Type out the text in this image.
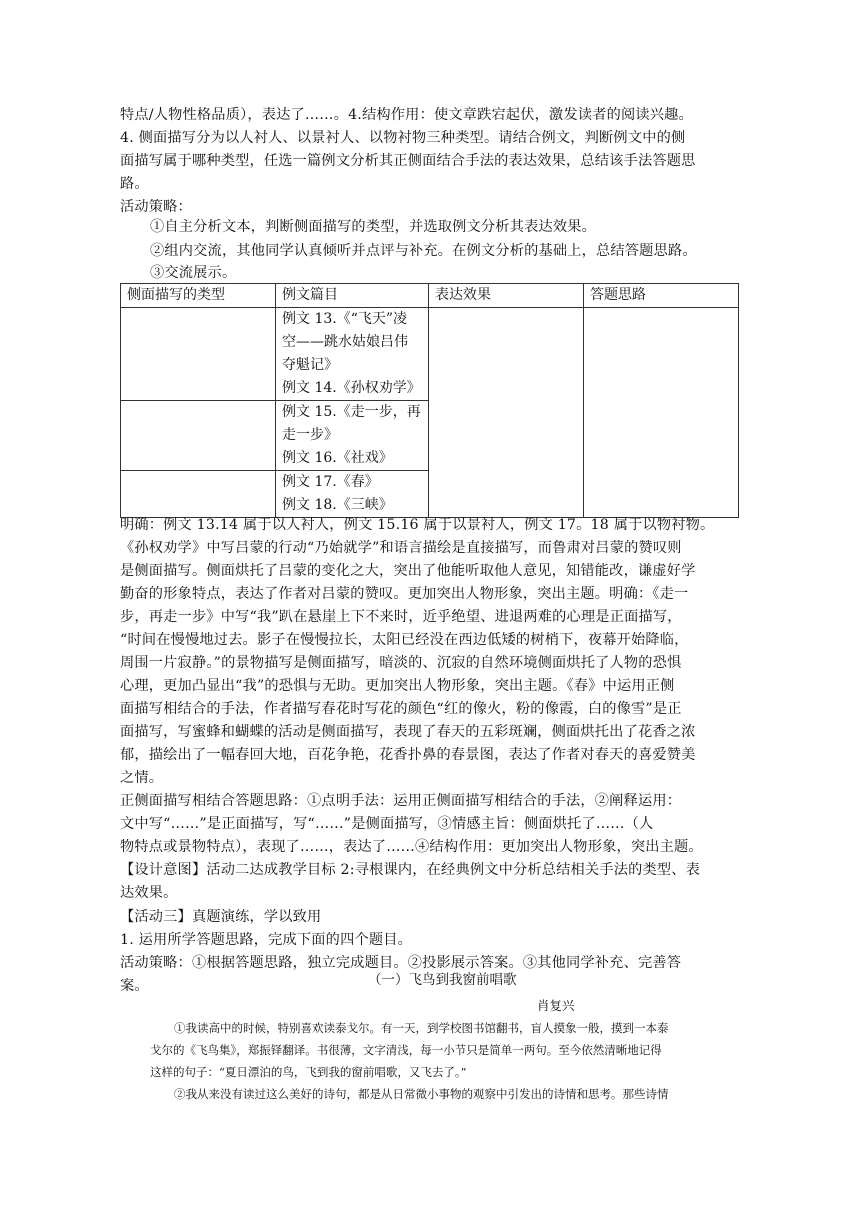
特点/人物性格品质），表达了……。4.结构作用：使文章跌宕起伏，激发读者的阅读兴趣。
4. 侧面描写分为以人衬人、以景衬人、以物衬物三种类型。请结合例文，判断例文中的侧
面描写属于哪种类型，任选一篇例文分析其正侧面结合手法的表达效果，总结该手法答题思
路。
活动策略：
①自主分析文本，判断侧面描写的类型，并选取例文分析其表达效果。
②组内交流，其他同学认真倾听并点评与补充。在例文分析的基础上，总结答题思路。
③交流展示。
侧面描写的类型	例文篇目	表达效果	答题思路

	例文 13.《“飞天”凌
空——跳水姑娘吕伟
夺魁记》
例文 14.《孙权劝学》		

	例文 15.《走一步，再
走一步》
例文 16.《社戏》		

	例文 17.《春》
例文 18.《三峡》		
明确：例文 13.14 属于以人衬人，例文 15.16 属于以景衬人，例文 17。18 属于以物衬物。
《孙权劝学》中写吕蒙的行动“乃始就学”和语言描绘是直接描写，而鲁肃对吕蒙的赞叹则
是侧面描写。侧面烘托了吕蒙的变化之大，突出了他能听取他人意见，知错能改，谦虚好学
勤奋的形象特点，表达了作者对吕蒙的赞叹。更加突出人物形象，突出主题。明确：《走一
步，再走一步》中写“我”趴在悬崖上下不来时，近乎绝望、进退两难的心理是正面描写，
“时间在慢慢地过去。影子在慢慢拉长，太阳已经没在西边低矮的树梢下，夜幕开始降临，
周围一片寂静。”的景物描写是侧面描写，暗淡的、沉寂的自然环境侧面烘托了人物的恐惧
心理，更加凸显出“我”的恐惧与无助。更加突出人物形象，突出主题。《春》中运用正侧
面描写相结合的手法，作者描写春花时写花的颜色“红的像火，粉的像霞，白的像雪”是正
面描写，写蜜蜂和蝴蝶的活动是侧面描写，表现了春天的五彩斑斓，侧面烘托出了花香之浓
郁，描绘出了一幅春回大地，百花争艳，花香扑鼻的春景图，表达了作者对春天的喜爱赞美
之情。
正侧面描写相结合答题思路：①点明手法：运用正侧面描写相结合的手法，②阐释运用：
文中写“……”是正面描写，写“……”是侧面描写，③情感主旨：侧面烘托了……（人
物特点或景物特点），表现了……，表达了……④结构作用：更加突出人物形象，突出主题。
【设计意图】活动二达成教学目标 2:寻根课内，在经典例文中分析总结相关手法的类型、表
达效果。
【活动三】真题演练，学以致用
1. 运用所学答题思路，完成下面的四个题目。
活动策略：①根据答题思路，独立完成题目。②投影展示答案。③其他同学补充、完善答
案。	（一）飞鸟到我窗前唱歌
肖复兴
①我读高中的时候，特别喜欢读泰戈尔。有一天，到学校图书馆翻书，盲人摸象一般，摸到一本泰
戈尔的《飞鸟集》，郑振铎翻译。书很薄，文字清浅，每一小节只是简单一两句。至今依然清晰地记得
这样的句子：“夏日漂泊的鸟，飞到我的窗前唱歌，又飞去了。”
②我从来没有读过这么美好的诗句，都是从日常微小事物的观察中引发出的诗情和思考。那些诗情
